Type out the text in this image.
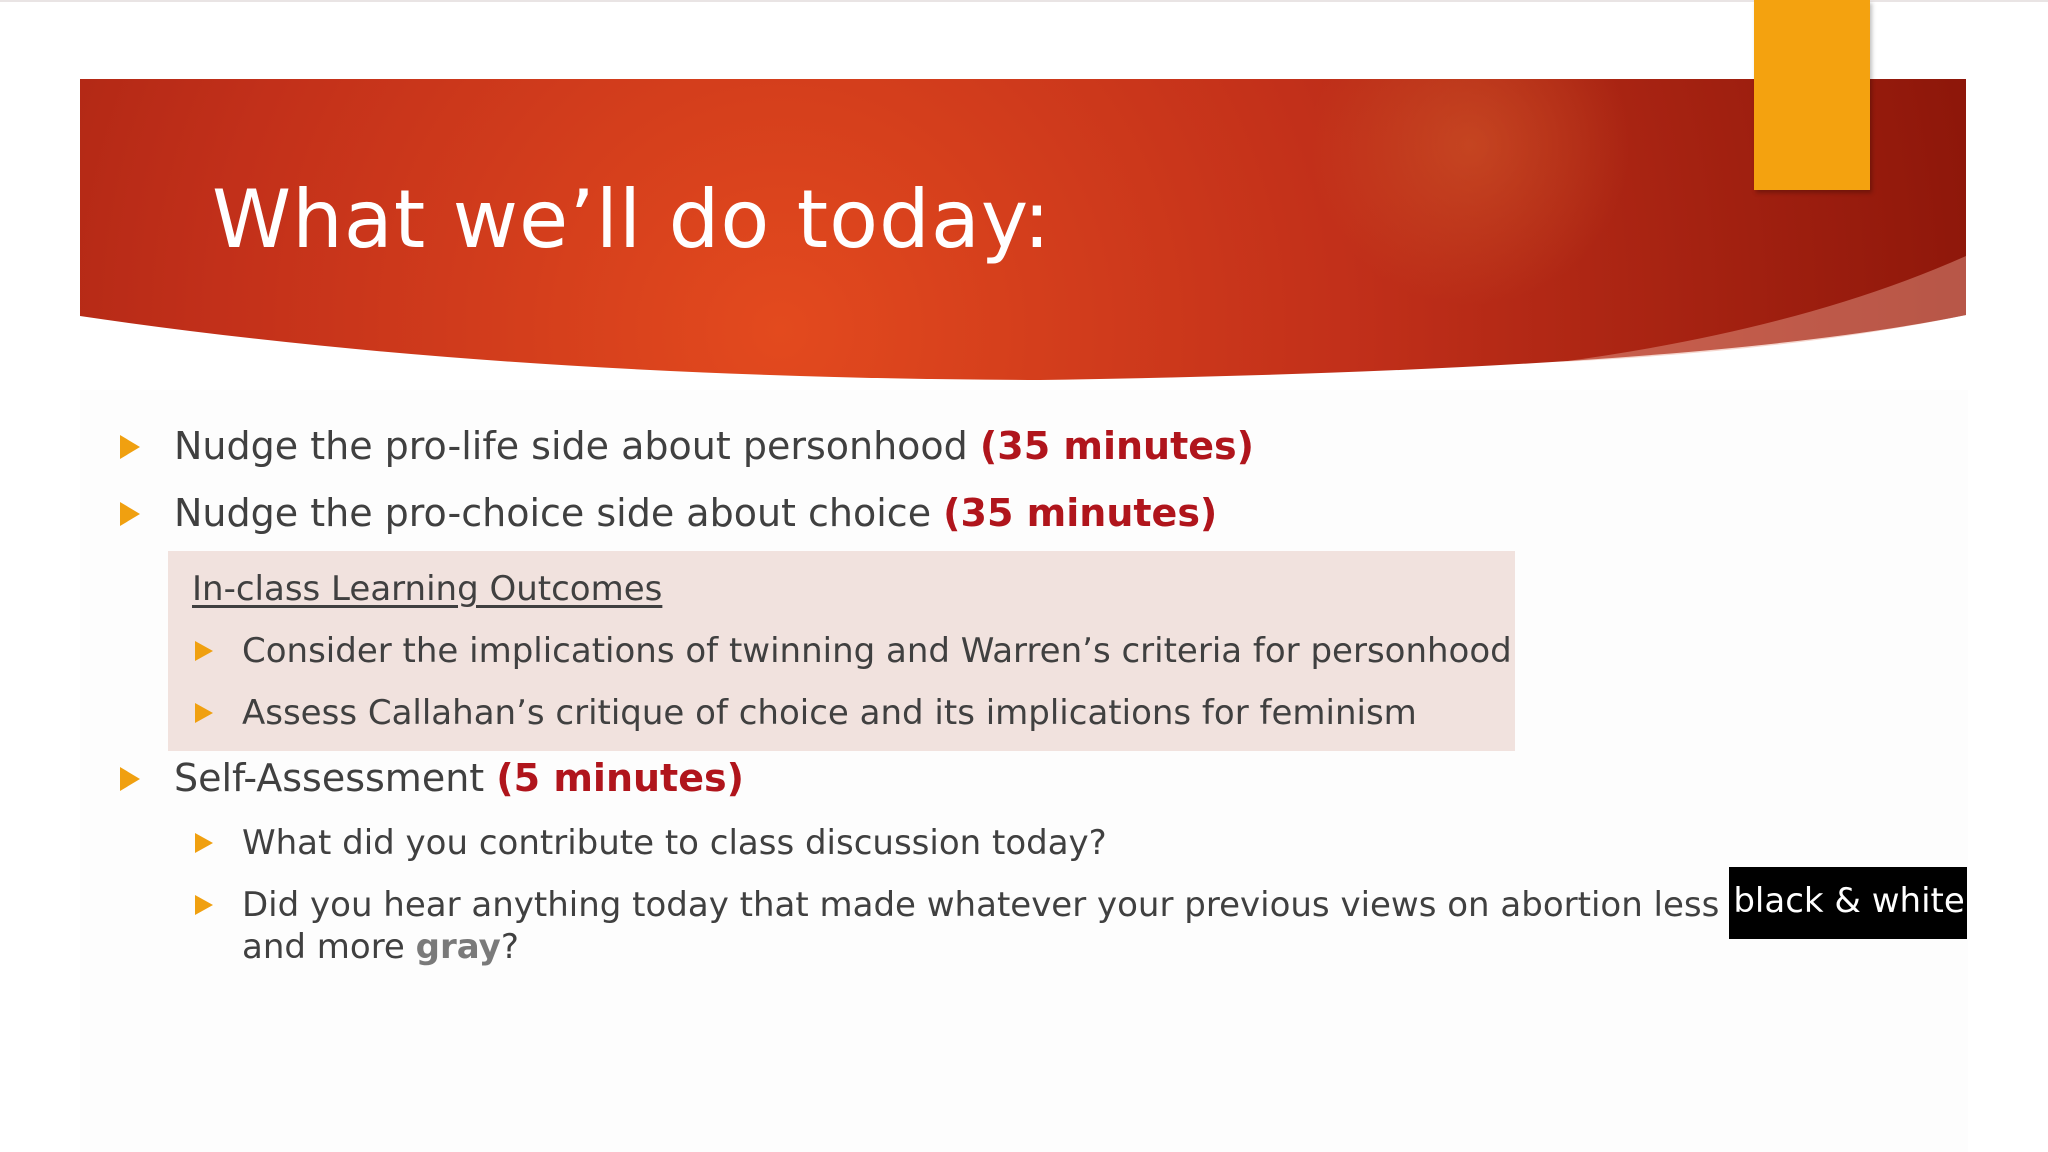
What we’ll do today:
Nudge the pro-life side about personhood (35 minutes)
Nudge the pro-choice side about choice (35 minutes)
In-class Learning Outcomes
Consider the implications of twinning and Warren’s criteria for personhood
Assess Callahan’s critique of choice and its implications for feminism
Self-Assessment (5 minutes)
What did you contribute to class discussion today?
Did you hear anything today that made whatever your previous views on abortion less black & white
and more gray?
